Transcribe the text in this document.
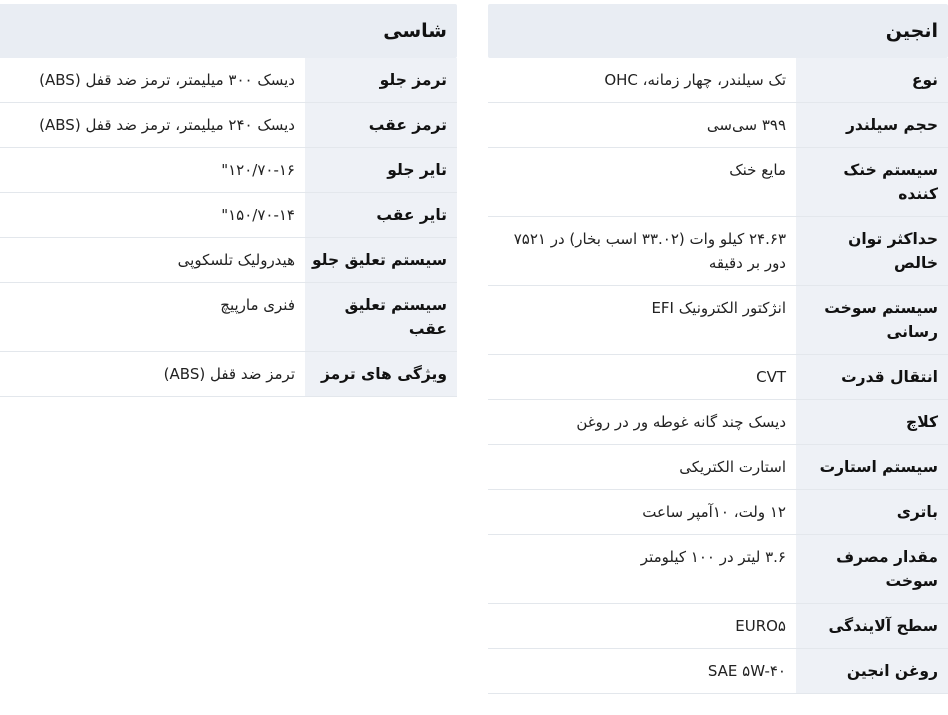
انجین
نوع
تک سیلندر، چهار زمانه، OHC
حجم سیلندر
۳۹۹ سی‌سی
سیستم خنک کننده
مایع خنک
حداکثر توان خالص
۲۴.۶۳ کیلو وات (۳۳.۰۲ اسب بخار) در ۷۵۲۱ دور بر دقیقه
سیستم سوخت رسانی
انژکتور الکترونیک EFI
انتقال قدرت
CVT
کلاچ
دیسک چند گانه غوطه ور در روغن
سیستم استارت
استارت الکتریکی
باتری
۱۲ ولت، ۱۰آمپر ساعت
مقدار مصرف سوخت
۳.۶ لیتر در ۱۰۰ کیلومتر
سطح آلایندگی
EURO۵
روغن انجین
SAE ۵W-۴۰
شاسی
ترمز جلو
دیسک ۳۰۰ میلیمتر، ترمز ضد قفل (ABS)
ترمز عقب
دیسک ۲۴۰ میلیمتر، ترمز ضد قفل (ABS)
تایر جلو
۱۲۰/۷۰-۱۶"
تایر عقب
۱۵۰/۷۰-۱۴"
سیستم تعلیق جلو
هیدرولیک تلسکوپی
سیستم تعلیق عقب
فنری مارپیچ
ویژگی های ترمز
ترمز ضد قفل (ABS)
